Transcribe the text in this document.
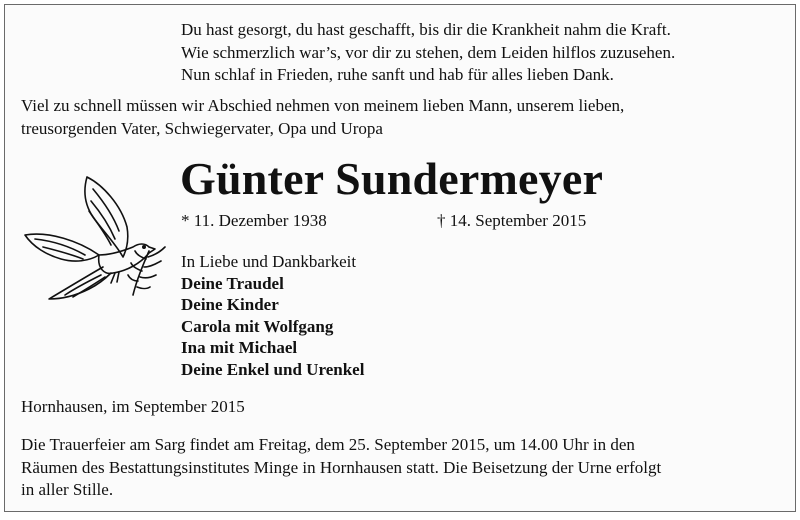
Du hast gesorgt, du hast geschafft, bis dir die Krankheit nahm die Kraft.
Wie schmerzlich war’s, vor dir zu stehen, dem Leiden hilflos zuzusehen.
Nun schlaf in Frieden, ruhe sanft und hab für alles lieben Dank.
Viel zu schnell müssen wir Abschied nehmen von meinem lieben Mann, unserem lieben,
treusorgenden Vater, Schwiegervater, Opa und Uropa
Günter Sundermeyer
* 11. Dezember 1938	† 14. September 2015
In Liebe und Dankbarkeit
Deine Traudel
Deine Kinder
Carola mit Wolfgang
Ina mit Michael
Deine Enkel und Urenkel
Hornhausen, im September 2015
Die Trauerfeier am Sarg findet am Freitag, dem 25. September 2015, um 14.00 Uhr in den
Räumen des Bestattungsinstitutes Minge in Hornhausen statt. Die Beisetzung der Urne erfolgt
in aller Stille.
